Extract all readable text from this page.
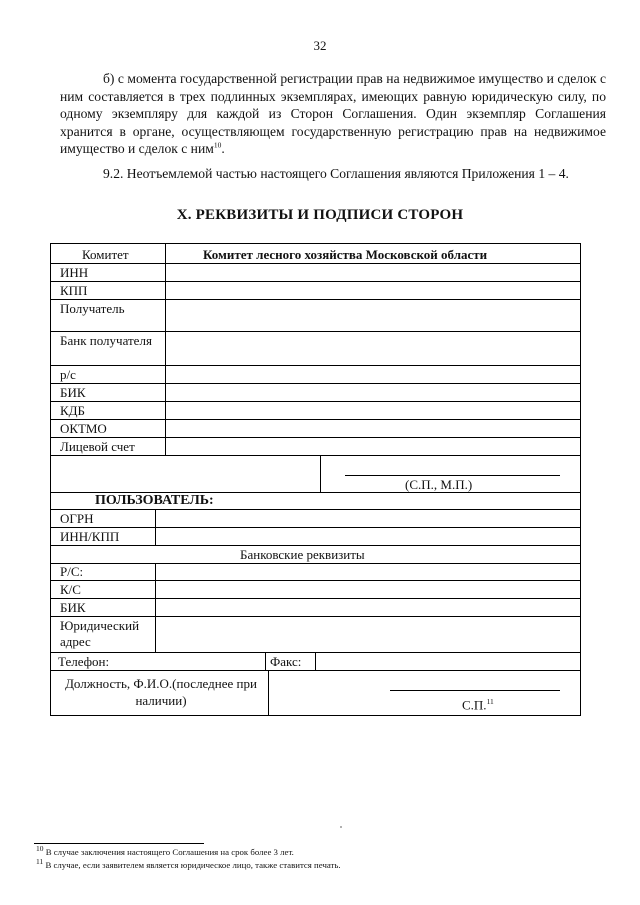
32
б) с момента государственной регистрации прав на недвижимое имущество и сделок с ним составляется в трех подлинных экземплярах, имеющих равную юридическую силу, по одному экземпляру для каждой из Сторон Соглашения. Один экземпляр Соглашения хранится в органе, осуществляющем государственную регистрацию прав на недвижимое имущество и сделок с ним$^{10}$.
9.2. Неотъемлемой частью настоящего Соглашения являются Приложения 1 – 4.
X. РЕКВИЗИТЫ И ПОДПИСИ СТОРОН
Комитет	Комитет лесного хозяйства Московской области
ИНН
КПП
Получатель
Банк получателя
р/с
БИК
КДБ
ОКТМО
Лицевой счет
(С.П., М.П.)
ПОЛЬЗОВАТЕЛЬ:
ОГРН
ИНН/КПП
Банковские реквизиты
Р/С:
К/С
БИК
Юридический адрес
Телефон:	Факс:
Должность, Ф.И.О.(последнее при наличии)	С.П.$^{11}$
$^{10}$ В случае заключения настоящего Соглашения на срок более 3 лет.
$^{11}$ В случае, если заявителем является юридическое лицо, также ставится печать.
